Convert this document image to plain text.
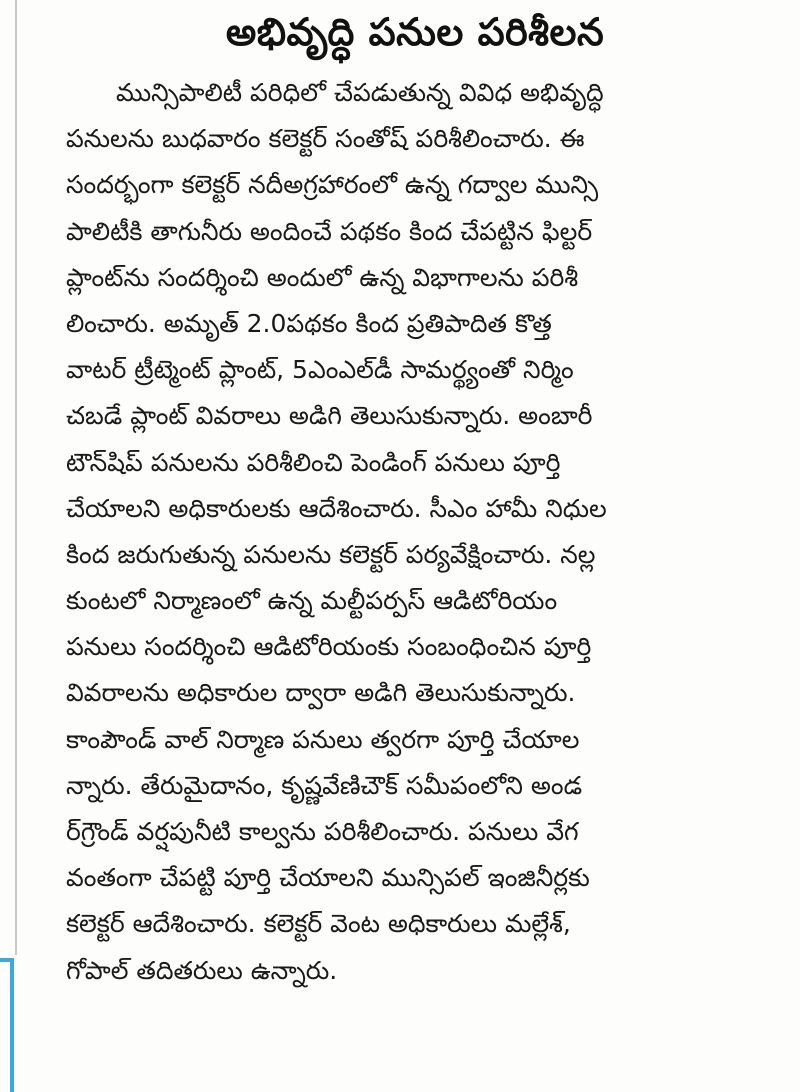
అభివృద్ధి పనుల పరిశీలన
మున్సిపాలిటీ పరిధిలో చేపడుతున్న వివిధ అభివృద్ధి
పనులను బుధవారం కలెక్టర్ సంతోష్ పరిశీలించారు. ఈ
సందర్భంగా కలెక్టర్ నదీఅగ్రహారంలో ఉన్న గద్వాల మున్సి
పాలిటీకి తాగునీరు అందించే పథకం కింద చేపట్టిన ఫిల్టర్
ప్లాంట్‌ను సందర్శించి అందులో ఉన్న విభాగాలను పరిశీ
లించారు. అమృత్ 2.0పథకం కింద ప్రతిపాదిత కొత్త
వాటర్ ట్రీట్మెంట్ ప్లాంట్, 5ఎంఎల్‌డీ సామర్థ్యంతో నిర్మిం
చబడే ప్లాంట్ వివరాలు అడిగి తెలుసుకున్నారు. అంబారీ
టౌన్‌షిప్ పనులను పరిశీలించి పెండింగ్ పనులు పూర్తి
చేయాలని అధికారులకు ఆదేశించారు. సీఎం హామీ నిధుల
కింద జరుగుతున్న పనులను కలెక్టర్ పర్యవేక్షించారు. నల్ల
కుంటలో నిర్మాణంలో ఉన్న మల్టీపర్పస్ ఆడిటోరియం
పనులు సందర్శించి ఆడిటోరియంకు సంబంధించిన పూర్తి
వివరాలను అధికారుల ద్వారా అడిగి తెలుసుకున్నారు.
కాంపౌండ్ వాల్ నిర్మాణ పనులు త్వరగా పూర్తి చేయాల
న్నారు. తేరుమైదానం, కృష్ణవేణిచౌక్ సమీపంలోని అండ
ర్‌గ్రౌండ్ వర్షపునీటి కాల్వను పరిశీలించారు. పనులు వేగ
వంతంగా చేపట్టి పూర్తి చేయాలని మున్సిపల్ ఇంజినీర్లకు
కలెక్టర్ ఆదేశించారు. కలెక్టర్ వెంట అధికారులు మల్లేశ్,
గోపాల్ తదితరులు ఉన్నారు.
